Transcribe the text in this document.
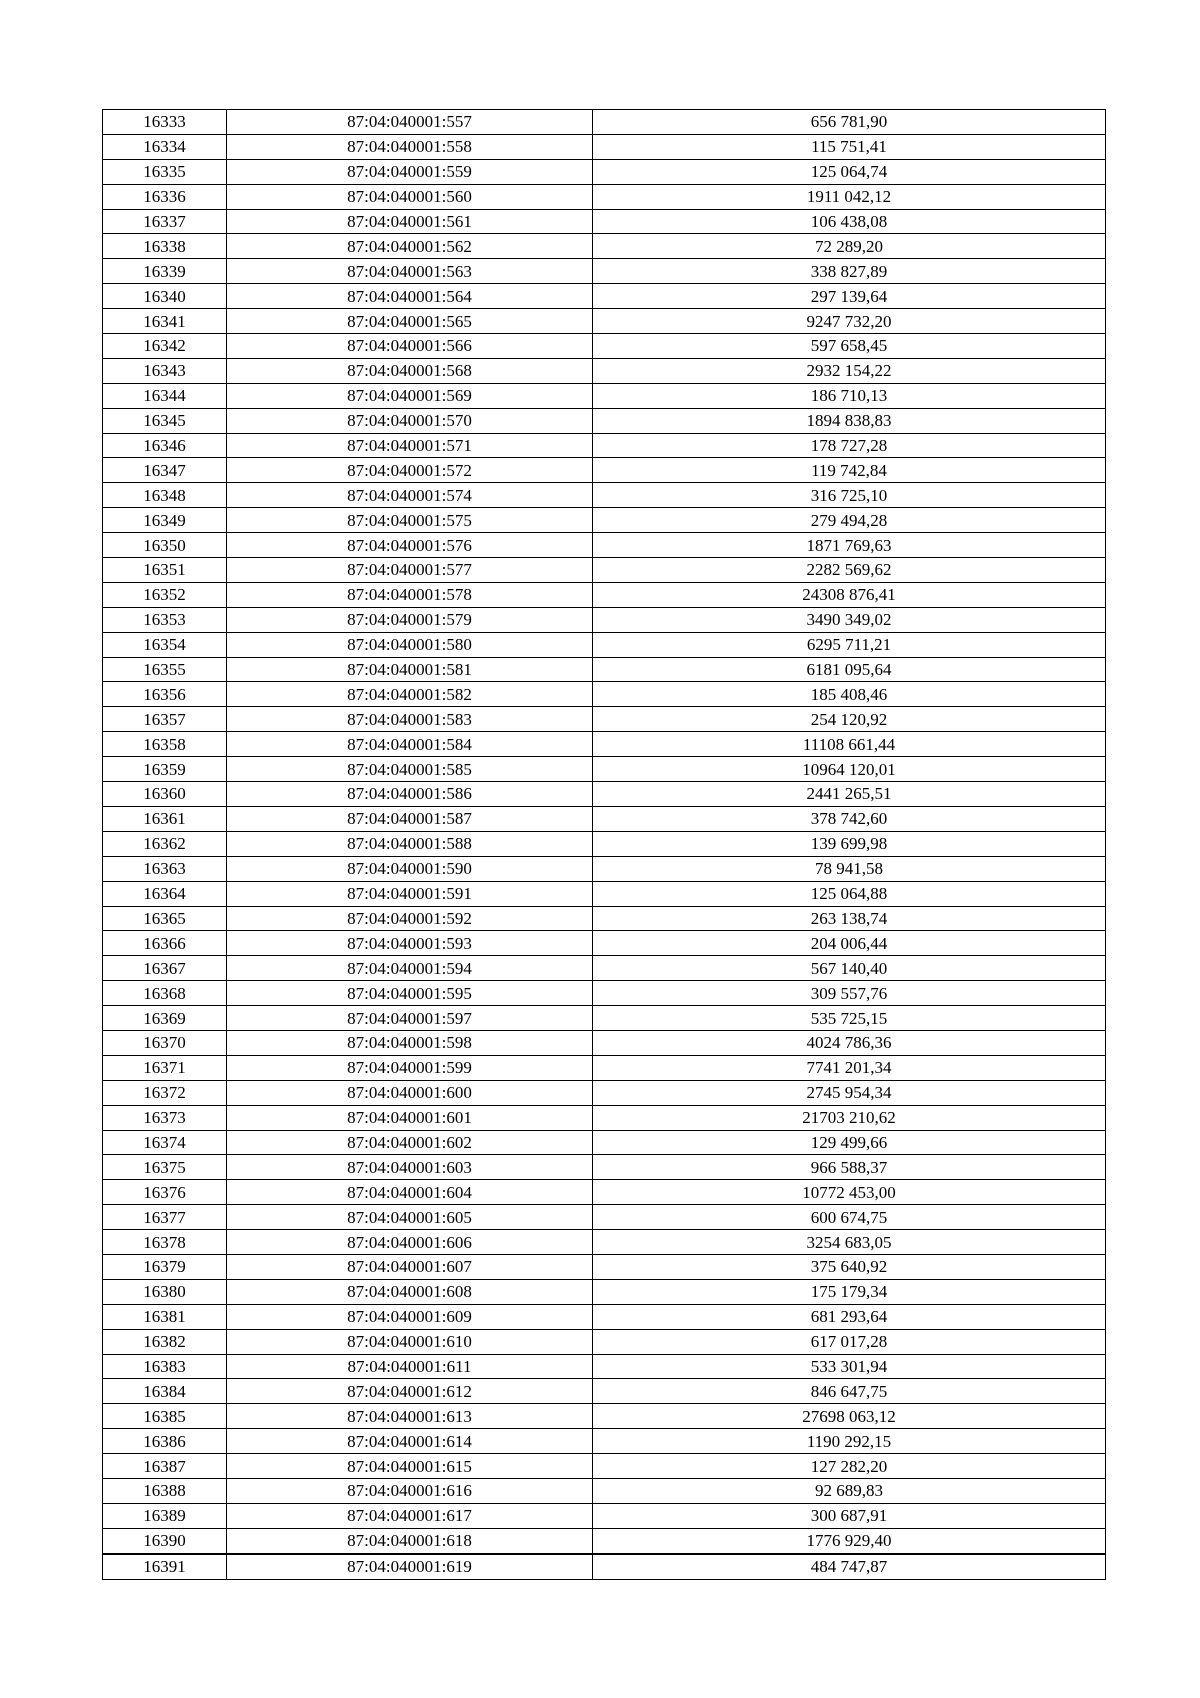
16333	87:04:040001:557	656 781,90
16334	87:04:040001:558	115 751,41
16335	87:04:040001:559	125 064,74
16336	87:04:040001:560	1911 042,12
16337	87:04:040001:561	106 438,08
16338	87:04:040001:562	72 289,20
16339	87:04:040001:563	338 827,89
16340	87:04:040001:564	297 139,64
16341	87:04:040001:565	9247 732,20
16342	87:04:040001:566	597 658,45
16343	87:04:040001:568	2932 154,22
16344	87:04:040001:569	186 710,13
16345	87:04:040001:570	1894 838,83
16346	87:04:040001:571	178 727,28
16347	87:04:040001:572	119 742,84
16348	87:04:040001:574	316 725,10
16349	87:04:040001:575	279 494,28
16350	87:04:040001:576	1871 769,63
16351	87:04:040001:577	2282 569,62
16352	87:04:040001:578	24308 876,41
16353	87:04:040001:579	3490 349,02
16354	87:04:040001:580	6295 711,21
16355	87:04:040001:581	6181 095,64
16356	87:04:040001:582	185 408,46
16357	87:04:040001:583	254 120,92
16358	87:04:040001:584	11108 661,44
16359	87:04:040001:585	10964 120,01
16360	87:04:040001:586	2441 265,51
16361	87:04:040001:587	378 742,60
16362	87:04:040001:588	139 699,98
16363	87:04:040001:590	78 941,58
16364	87:04:040001:591	125 064,88
16365	87:04:040001:592	263 138,74
16366	87:04:040001:593	204 006,44
16367	87:04:040001:594	567 140,40
16368	87:04:040001:595	309 557,76
16369	87:04:040001:597	535 725,15
16370	87:04:040001:598	4024 786,36
16371	87:04:040001:599	7741 201,34
16372	87:04:040001:600	2745 954,34
16373	87:04:040001:601	21703 210,62
16374	87:04:040001:602	129 499,66
16375	87:04:040001:603	966 588,37
16376	87:04:040001:604	10772 453,00
16377	87:04:040001:605	600 674,75
16378	87:04:040001:606	3254 683,05
16379	87:04:040001:607	375 640,92
16380	87:04:040001:608	175 179,34
16381	87:04:040001:609	681 293,64
16382	87:04:040001:610	617 017,28
16383	87:04:040001:611	533 301,94
16384	87:04:040001:612	846 647,75
16385	87:04:040001:613	27698 063,12
16386	87:04:040001:614	1190 292,15
16387	87:04:040001:615	127 282,20
16388	87:04:040001:616	92 689,83
16389	87:04:040001:617	300 687,91
16390	87:04:040001:618	1776 929,40
16391	87:04:040001:619	484 747,87
